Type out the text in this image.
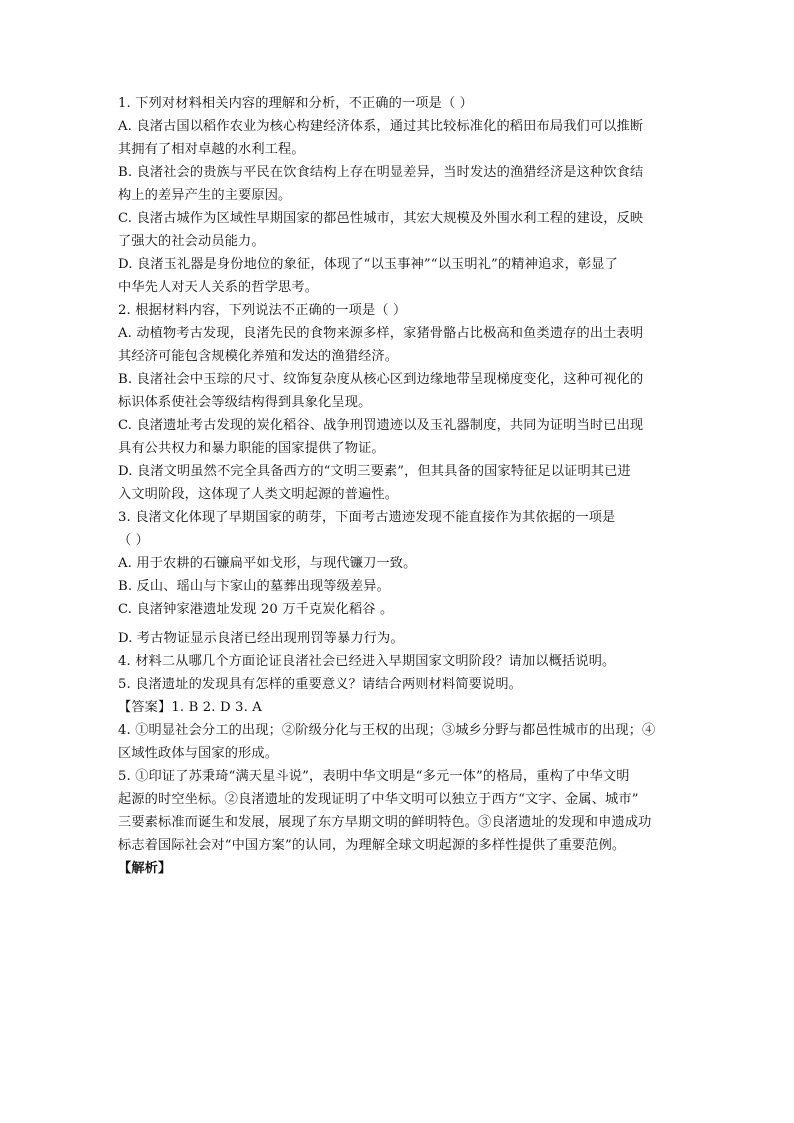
1. 下列对材料相关内容的理解和分析，不正确的一项是（ ）
A. 良渚古国以稻作农业为核心构建经济体系，通过其比较标准化的稻田布局我们可以推断
其拥有了相对卓越的水利工程。
B. 良渚社会的贵族与平民在饮食结构上存在明显差异，当时发达的渔猎经济是这种饮食结
构上的差异产生的主要原因。
C. 良渚古城作为区域性早期国家的都邑性城市，其宏大规模及外围水利工程的建设，反映
了强大的社会动员能力。
D. 良渚玉礼器是身份地位的象征，体现了“以玉事神”“以玉明礼”的精神追求，彰显了
中华先人对天人关系的哲学思考。
2. 根据材料内容，下列说法不正确的一项是（ ）
A. 动植物考古发现，良渚先民的食物来源多样，家猪骨骼占比极高和鱼类遗存的出土表明
其经济可能包含规模化养殖和发达的渔猎经济。
B. 良渚社会中玉琮的尺寸、纹饰复杂度从核心区到边缘地带呈现梯度变化，这种可视化的
标识体系使社会等级结构得到具象化呈现。
C. 良渚遗址考古发现的炭化稻谷、战争刑罚遗迹以及玉礼器制度，共同为证明当时已出现
具有公共权力和暴力职能的国家提供了物证。
D. 良渚文明虽然不完全具备西方的“文明三要素”，但其具备的国家特征足以证明其已进
入文明阶段，这体现了人类文明起源的普遍性。
3. 良渚文化体现了早期国家的萌芽，下面考古遗迹发现不能直接作为其依据的一项是
（ ）
A. 用于农耕的石镰扁平如戈形，与现代镰刀一致。
B. 反山、瑶山与卞家山的墓葬出现等级差异。
C. 良渚钟家港遗址发现 20 万千克炭化稻谷 。
D. 考古物证显示良渚已经出现刑罚等暴力行为。
4. 材料二从哪几个方面论证良渚社会已经进入早期国家文明阶段？请加以概括说明。
5. 良渚遗址的发现具有怎样的重要意义？请结合两则材料简要说明。
【答案】1. B 2. D 3. A
4. ①明显社会分工的出现；②阶级分化与王权的出现；③城乡分野与都邑性城市的出现；④
区域性政体与国家的形成。
5. ①印证了苏秉琦“满天星斗说”，表明中华文明是“多元一体”的格局，重构了中华文明
起源的时空坐标。②良渚遗址的发现证明了中华文明可以独立于西方“文字、金属、城市”
三要素标准而诞生和发展，展现了东方早期文明的鲜明特色。③良渚遗址的发现和申遗成功
标志着国际社会对“中国方案”的认同，为理解全球文明起源的多样性提供了重要范例。
【解析】
